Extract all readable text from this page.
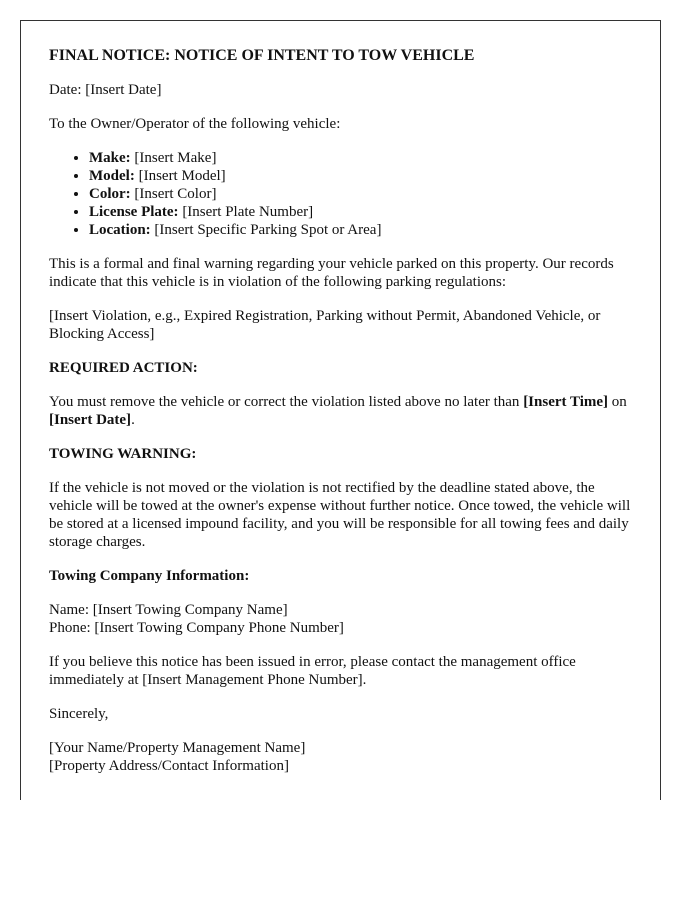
FINAL NOTICE: NOTICE OF INTENT TO TOW VEHICLE

Date: [Insert Date]

To the Owner/Operator of the following vehicle:

• Make: [Insert Make]
• Model: [Insert Model]
• Color: [Insert Color]
• License Plate: [Insert Plate Number]
• Location: [Insert Specific Parking Spot or Area]

This is a formal and final warning regarding your vehicle parked on this property. Our records indicate that this vehicle is in violation of the following parking regulations:

[Insert Violation, e.g., Expired Registration, Parking without Permit, Abandoned Vehicle, or Blocking Access]

REQUIRED ACTION:

You must remove the vehicle or correct the violation listed above no later than [Insert Time] on [Insert Date].

TOWING WARNING:

If the vehicle is not moved or the violation is not rectified by the deadline stated above, the vehicle will be towed at the owner's expense without further notice. Once towed, the vehicle will be stored at a licensed impound facility, and you will be responsible for all towing fees and daily storage charges.

Towing Company Information:

Name: [Insert Towing Company Name]
Phone: [Insert Towing Company Phone Number]

If you believe this notice has been issued in error, please contact the management office immediately at [Insert Management Phone Number].

Sincerely,

[Your Name/Property Management Name]
[Property Address/Contact Information]
